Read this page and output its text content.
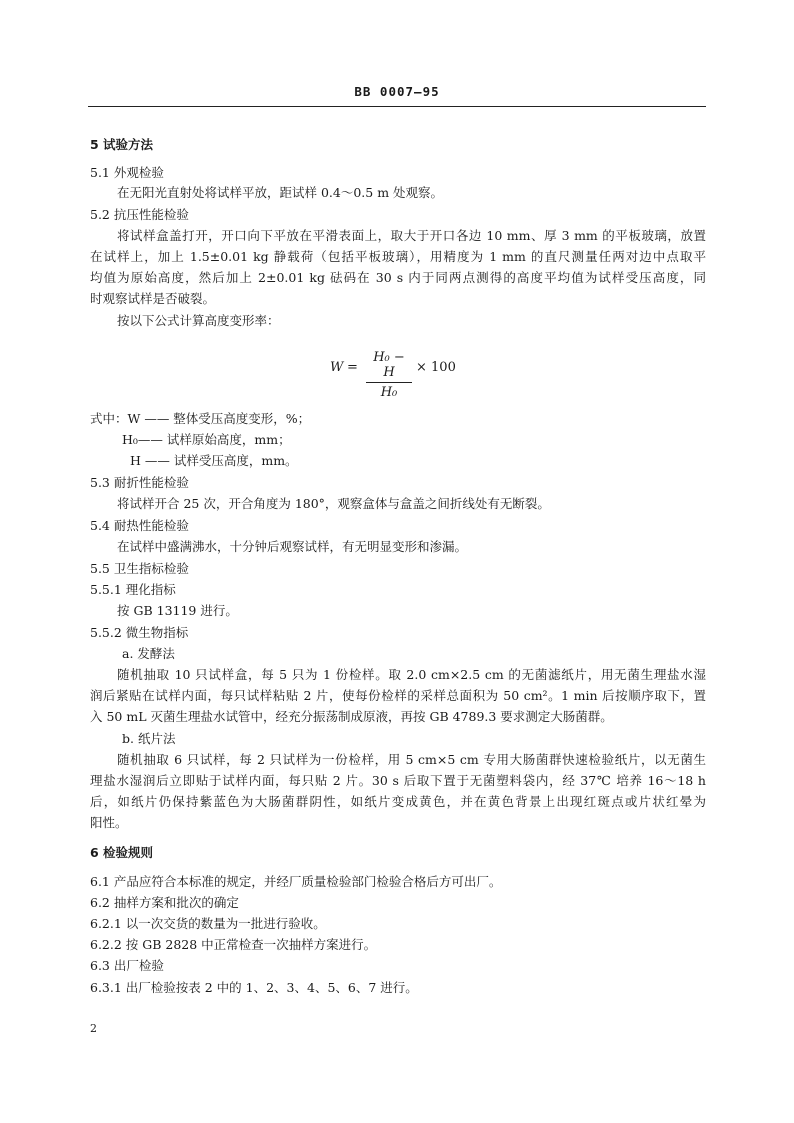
BB 0007—95
5 试验方法
5.1 外观检验
在无阳光直射处将试样平放，距试样 0.4～0.5 m 处观察。
5.2 抗压性能检验
将试样盒盖打开，开口向下平放在平滑表面上，取大于开口各边 10 mm、厚 3 mm 的平板玻璃，放置
在试样上，加上 1.5±0.01 kg 静载荷（包括平板玻璃），用精度为 1 mm 的直尺测量任两对边中点取平
均值为原始高度，然后加上 2±0.01 kg 砝码在 30 s 内于同两点测得的高度平均值为试样受压高度，同
时观察试样是否破裂。
按以下公式计算高度变形率：
式中：W —— 整体受压高度变形，%；
H₀—— 试样原始高度，mm；
H —— 试样受压高度，mm。
5.3 耐折性能检验
将试样开合 25 次，开合角度为 180°，观察盒体与盒盖之间折线处有无断裂。
5.4 耐热性能检验
在试样中盛满沸水，十分钟后观察试样，有无明显变形和渗漏。
5.5 卫生指标检验
5.5.1 理化指标
按 GB 13119 进行。
5.5.2 微生物指标
a. 发酵法
随机抽取 10 只试样盒，每 5 只为 1 份检样。取 2.0 cm×2.5 cm 的无菌滤纸片，用无菌生理盐水湿
润后紧贴在试样内面，每只试样粘贴 2 片，使每份检样的采样总面积为 50 cm²。1 min 后按顺序取下，置
入 50 mL 灭菌生理盐水试管中，经充分振荡制成原液，再按 GB 4789.3 要求测定大肠菌群。
b. 纸片法
随机抽取 6 只试样，每 2 只试样为一份检样，用 5 cm×5 cm 专用大肠菌群快速检验纸片，以无菌生
理盐水湿润后立即贴于试样内面，每只贴 2 片。30 s 后取下置于无菌塑料袋内，经 37℃ 培养 16～18 h
后，如纸片仍保持紫蓝色为大肠菌群阴性，如纸片变成黄色，并在黄色背景上出现红斑点或片状红晕为
阳性。
6 检验规则
6.1 产品应符合本标准的规定，并经厂质量检验部门检验合格后方可出厂。
6.2 抽样方案和批次的确定
6.2.1 以一次交货的数量为一批进行验收。
6.2.2 按 GB 2828 中正常检查一次抽样方案进行。
6.3 出厂检验
6.3.1 出厂检验按表 2 中的 1、2、3、4、5、6、7 进行。
W =
H₀ − H
H₀
× 100
2
